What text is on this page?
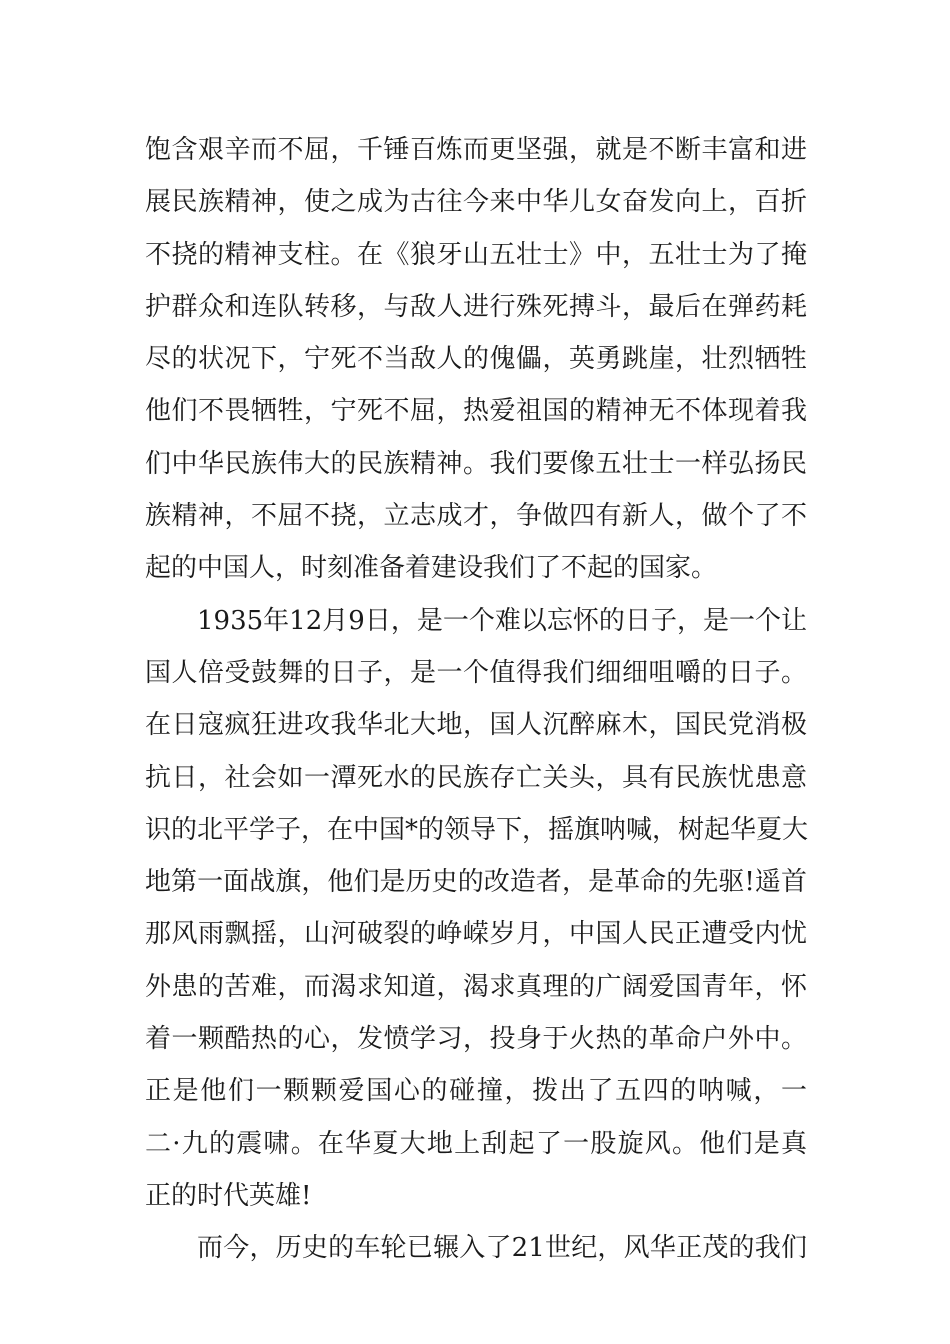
饱含艰辛而不屈，千锤百炼而更坚强，就是不断丰富和进
展民族精神，使之成为古往今来中华儿女奋发向上，百折
不挠的精神支柱。在《狼牙山五壮士》中，五壮士为了掩
护群众和连队转移，与敌人进行殊死搏斗，最后在弹药耗
尽的状况下，宁死不当敌人的傀儡，英勇跳崖，壮烈牺牲
他们不畏牺牲，宁死不屈，热爱祖国的精神无不体现着我
们中华民族伟大的民族精神。我们要像五壮士一样弘扬民
族精神，不屈不挠，立志成才，争做四有新人，做个了不
起的中国人，时刻准备着建设我们了不起的国家。
1935年12月9日，是一个难以忘怀的日子，是一个让
国人倍受鼓舞的日子，是一个值得我们细细咀嚼的日子。
在日寇疯狂进攻我华北大地，国人沉醉麻木，国民党消极
抗日，社会如一潭死水的民族存亡关头，具有民族忧患意
识的北平学子，在中国*的领导下，摇旗呐喊，树起华夏大
地第一面战旗，他们是历史的改造者，是革命的先驱!遥首
那风雨飘摇，山河破裂的峥嵘岁月，中国人民正遭受内忧
外患的苦难，而渴求知道，渴求真理的广阔爱国青年，怀
着一颗酷热的心，发愤学习，投身于火热的革命户外中。
正是他们一颗颗爱国心的碰撞，拨出了五四的呐喊，一
二·九的震啸。在华夏大地上刮起了一股旋风。他们是真
正的时代英雄!
而今，历史的车轮已辗入了21世纪，风华正茂的我们
